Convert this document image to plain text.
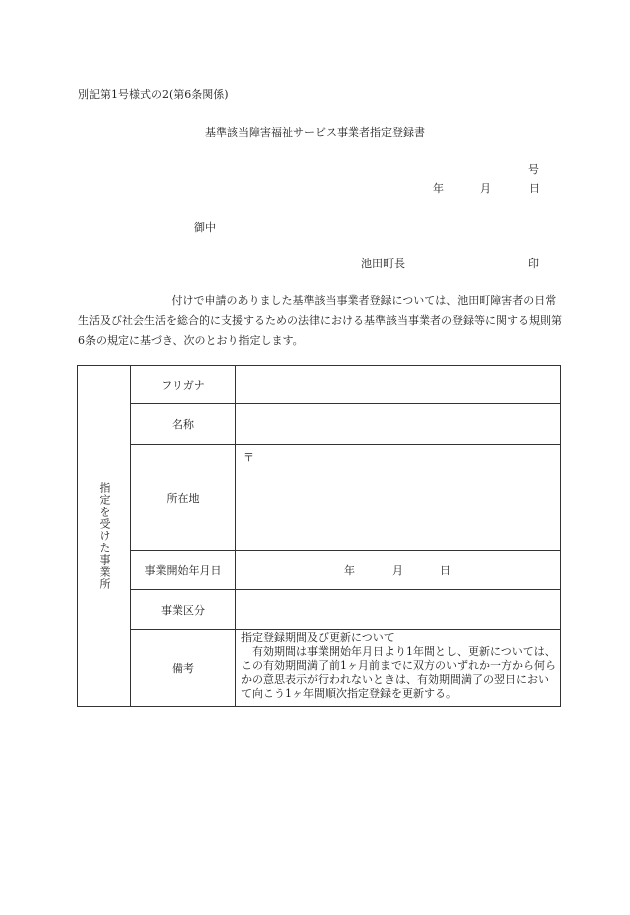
別記第1号様式の2(第6条関係)
基準該当障害福祉サービス事業者指定登録書
号
年	月	日
御中
池田町長	印
付けで申請のありました基準該当事業者登録については、池田町障害者の日常生活及び社会生活を総合的に支援するための法律における基準該当事業者の登録等に関する規則第6条の規定に基づき、次のとおり指定します。
指定を受けた事業所	フリガナ	
	名称	
	所在地	〒
	事業開始年月日	年 月 日
	事業区分	
	備考	指定登録期間及び更新について
有効期間は事業開始年月日より1年間とし、更新については、この有効期間満了前1ヶ月前までに双方のいずれか一方から何らかの意思表示が行われないときは、有効期間満了の翌日において向こう1ヶ年間順次指定登録を更新する。
